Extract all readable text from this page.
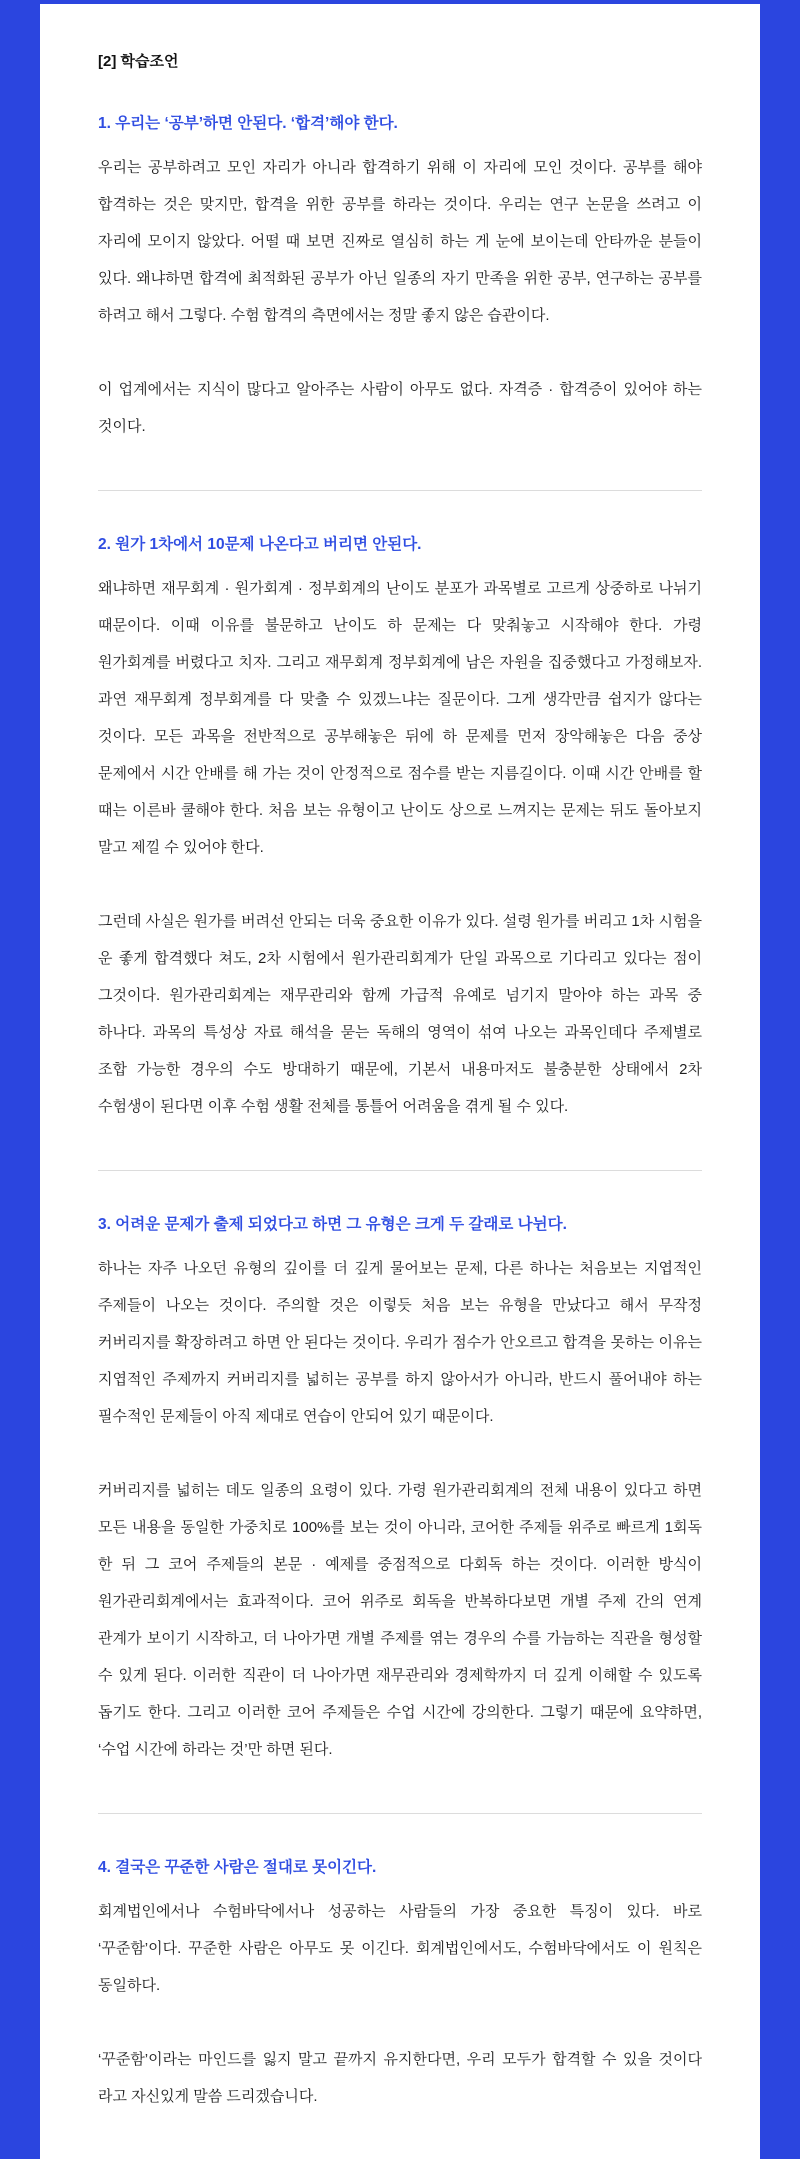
[2] 학습조언
1. 우리는 ‘공부’하면 안된다. ‘합격’해야 한다.

우리는 공부하려고 모인 자리가 아니라 합격하기 위해 이 자리에 모인 것이다. 공부를 해야 합격하는 것은 맞지만, 합격을 위한 공부를 하라는 것이다. 우리는 연구 논문을 쓰려고 이 자리에 모이지 않았다. 어떨 때 보면 진짜로 열심히 하는 게 눈에 보이는데 안타까운 분들이 있다. 왜냐하면 합격에 최적화된 공부가 아닌 일종의 자기 만족을 위한 공부, 연구하는 공부를 하려고 해서 그렇다. 수험 합격의 측면에서는 정말 좋지 않은 습관이다.

이 업계에서는 지식이 많다고 알아주는 사람이 아무도 없다. 자격증 · 합격증이 있어야 하는 것이다.

2. 원가 1차에서 10문제 나온다고 버리면 안된다.

왜냐하면 재무회계 · 원가회계 · 정부회계의 난이도 분포가 과목별로 고르게 상중하로 나뉘기 때문이다. 이때 이유를 불문하고 난이도 하 문제는 다 맞춰놓고 시작해야 한다. 가령 원가회계를 버렸다고 치자. 그리고 재무회계 정부회계에 남은 자원을 집중했다고 가정해보자. 과연 재무회계 정부회계를 다 맞출 수 있겠느냐는 질문이다. 그게 생각만큼 쉽지가 않다는 것이다. 모든 과목을 전반적으로 공부해놓은 뒤에 하 문제를 먼저 장악해놓은 다음 중상 문제에서 시간 안배를 해 가는 것이 안정적으로 점수를 받는 지름길이다. 이때 시간 안배를 할 때는 이른바 쿨해야 한다. 처음 보는 유형이고 난이도 상으로 느껴지는 문제는 뒤도 돌아보지 말고 제낄 수 있어야 한다.

그런데 사실은 원가를 버려선 안되는 더욱 중요한 이유가 있다. 설령 원가를 버리고 1차 시험을 운 좋게 합격했다 쳐도, 2차 시험에서 원가관리회계가 단일 과목으로 기다리고 있다는 점이 그것이다. 원가관리회계는 재무관리와 함께 가급적 유예로 넘기지 말아야 하는 과목 중 하나다. 과목의 특성상 자료 해석을 묻는 독해의 영역이 섞여 나오는 과목인데다 주제별로 조합 가능한 경우의 수도 방대하기 때문에, 기본서 내용마저도 불충분한 상태에서 2차 수험생이 된다면 이후 수험 생활 전체를 통틀어 어려움을 겪게 될 수 있다.

3. 어려운 문제가 출제 되었다고 하면 그 유형은 크게 두 갈래로 나뉜다.

하나는 자주 나오던 유형의 깊이를 더 깊게 물어보는 문제, 다른 하나는 처음보는 지엽적인 주제들이 나오는 것이다. 주의할 것은 이렇듯 처음 보는 유형을 만났다고 해서 무작정 커버리지를 확장하려고 하면 안 된다는 것이다. 우리가 점수가 안오르고 합격을 못하는 이유는 지엽적인 주제까지 커버리지를 넓히는 공부를 하지 않아서가 아니라, 반드시 풀어내야 하는 필수적인 문제들이 아직 제대로 연습이 안되어 있기 때문이다.

커버리지를 넓히는 데도 일종의 요령이 있다. 가령 원가관리회계의 전체 내용이 있다고 하면 모든 내용을 동일한 가중치로 100%를 보는 것이 아니라, 코어한 주제들 위주로 빠르게 1회독 한 뒤 그 코어 주제들의 본문 · 예제를 중점적으로 다회독 하는 것이다. 이러한 방식이 원가관리회계에서는 효과적이다. 코어 위주로 회독을 반복하다보면 개별 주제 간의 연계 관계가 보이기 시작하고, 더 나아가면 개별 주제를 엮는 경우의 수를 가늠하는 직관을 형성할 수 있게 된다. 이러한 직관이 더 나아가면 재무관리와 경제학까지 더 깊게 이해할 수 있도록 돕기도 한다. 그리고 이러한 코어 주제들은 수업 시간에 강의한다. 그렇기 때문에 요약하면, ‘수업 시간에 하라는 것’만 하면 된다.

4. 결국은 꾸준한 사람은 절대로 못이긴다.

회계법인에서나 수험바닥에서나 성공하는 사람들의 가장 중요한 특징이 있다. 바로 ‘꾸준함’이다. 꾸준한 사람은 아무도 못 이긴다. 회계법인에서도, 수험바닥에서도 이 원칙은 동일하다.

‘꾸준함’이라는 마인드를 잃지 말고 끝까지 유지한다면, 우리 모두가 합격할 수 있을 것이다 라고 자신있게 말씀 드리겠습니다.
